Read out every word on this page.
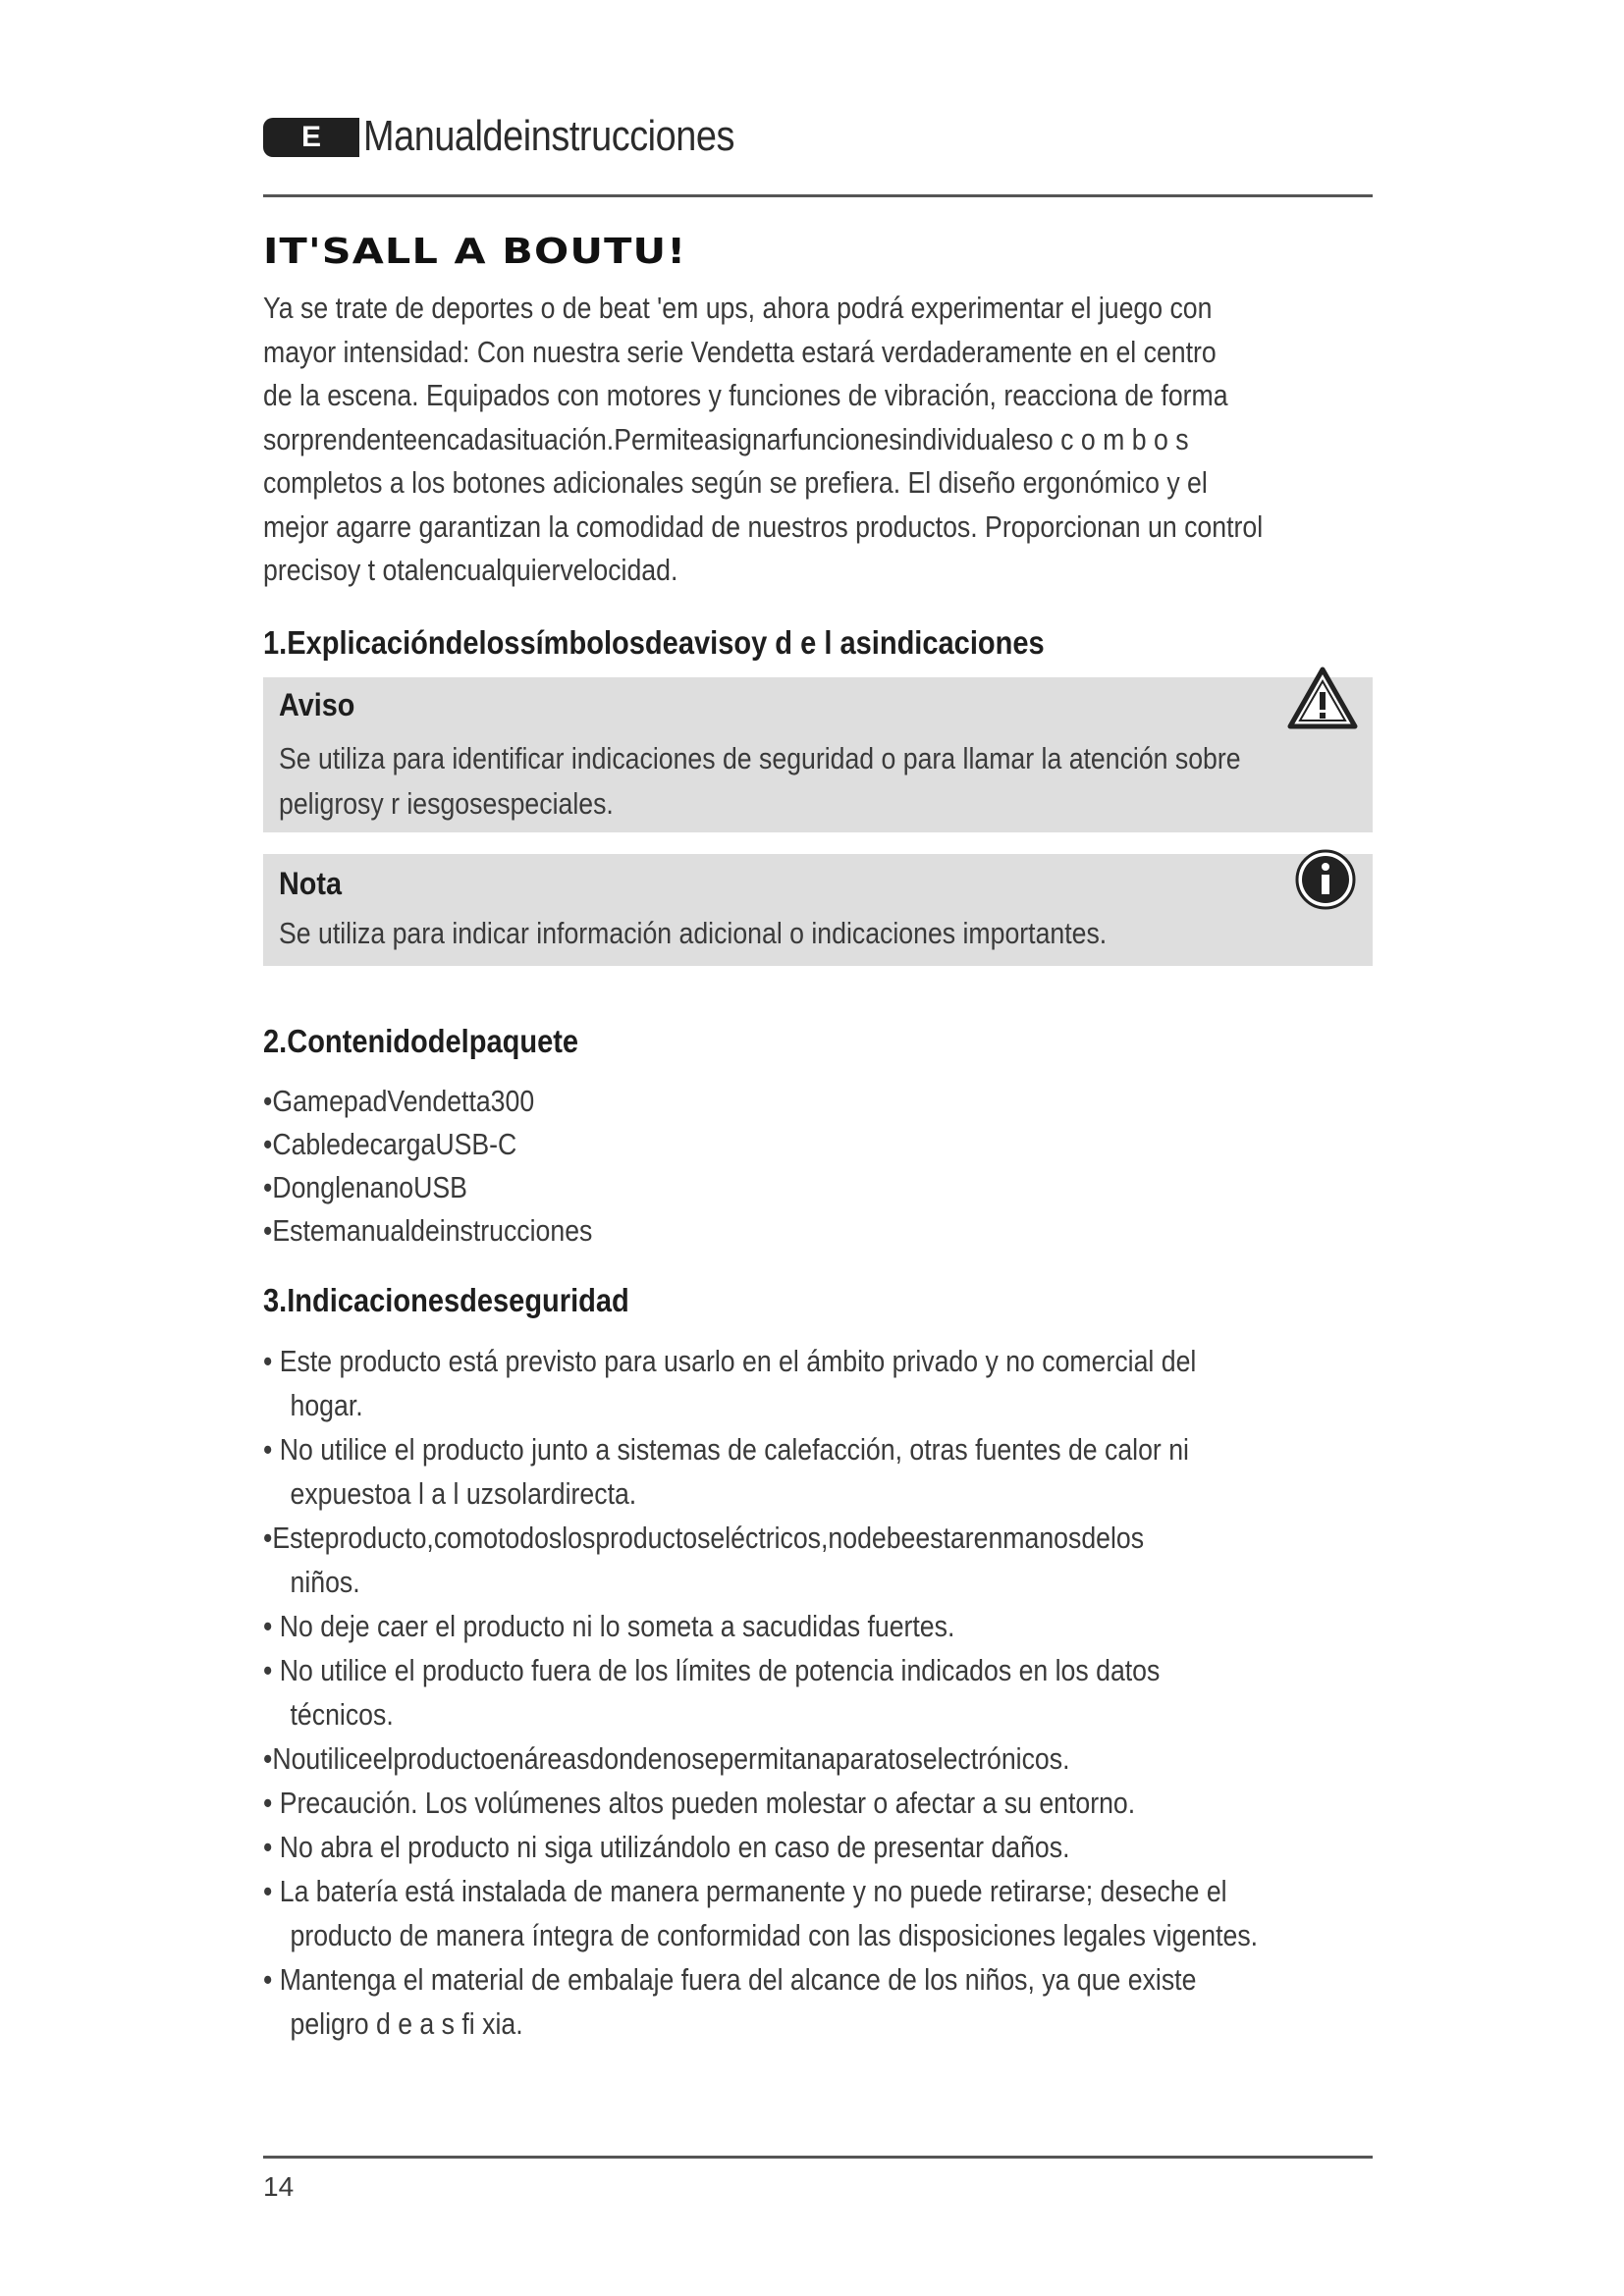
E Manualdeinstrucciones
IT'SALL A BOUTU!
Ya se trate de deportes o de beat 'em ups, ahora podrá experimentar el juego con
mayor intensidad: Con nuestra serie Vendetta estará verdaderamente en el centro
de la escena. Equipados con motores y funciones de vibración, reacciona de forma
sorprendenteencadasituación.Permiteasignarfuncionesindividualeso c o m b o s
completos a los botones adicionales según se prefiera. El diseño ergonómico y el
mejor agarre garantizan la comodidad de nuestros productos. Proporcionan un control
precisoy t otalencualquiervelocidad.
1.Explicacióndelossímbolosdeavisoy d e l asindicaciones
Aviso
Se utiliza para identificar indicaciones de seguridad o para llamar la atención sobre
peligrosy r iesgosespeciales.
Nota
Se utiliza para indicar información adicional o indicaciones importantes.
2.Contenidodelpaquete
•GamepadVendetta300
•CabledecargaUSB-C
•DonglenanoUSB
•Estemanualdeinstrucciones
3.Indicacionesdeseguridad
• Este producto está previsto para usarlo en el ámbito privado y no comercial del
hogar.
• No utilice el producto junto a sistemas de calefacción, otras fuentes de calor ni
expuestoa l a l uzsolardirecta.
•Esteproducto,comotodoslosproductoseléctricos,nodebeestarenmanosdelos
niños.
• No deje caer el producto ni lo someta a sacudidas fuertes.
• No utilice el producto fuera de los límites de potencia indicados en los datos
técnicos.
•Noutiliceelproductoenáreasdondenosepermitanaparatoselectrónicos.
• Precaución. Los volúmenes altos pueden molestar o afectar a su entorno.
• No abra el producto ni siga utilizándolo en caso de presentar daños.
• La batería está instalada de manera permanente y no puede retirarse; deseche el
producto de manera íntegra de conformidad con las disposiciones legales vigentes.
• Mantenga el material de embalaje fuera del alcance de los niños, ya que existe
peligro d e a s fi xia.
14
